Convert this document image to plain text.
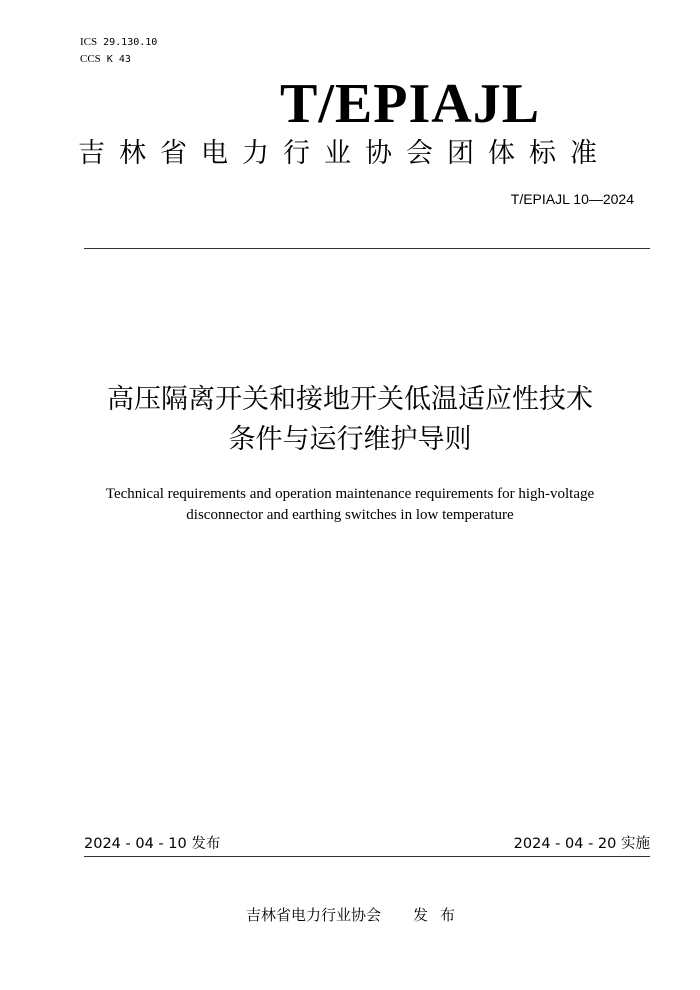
ICS 29.130.10
CCS K 43
T/EPIAJL
吉林省电力行业协会团体标准
T/EPIAJL 10—2024
高压隔离开关和接地开关低温适应性技术
条件与运行维护导则
Technical requirements and operation maintenance requirements for high-voltage
disconnector and earthing switches in low temperature
2024 - 04 - 10 发布	2024 - 04 - 20 实施
吉林省电力行业协会 发布
